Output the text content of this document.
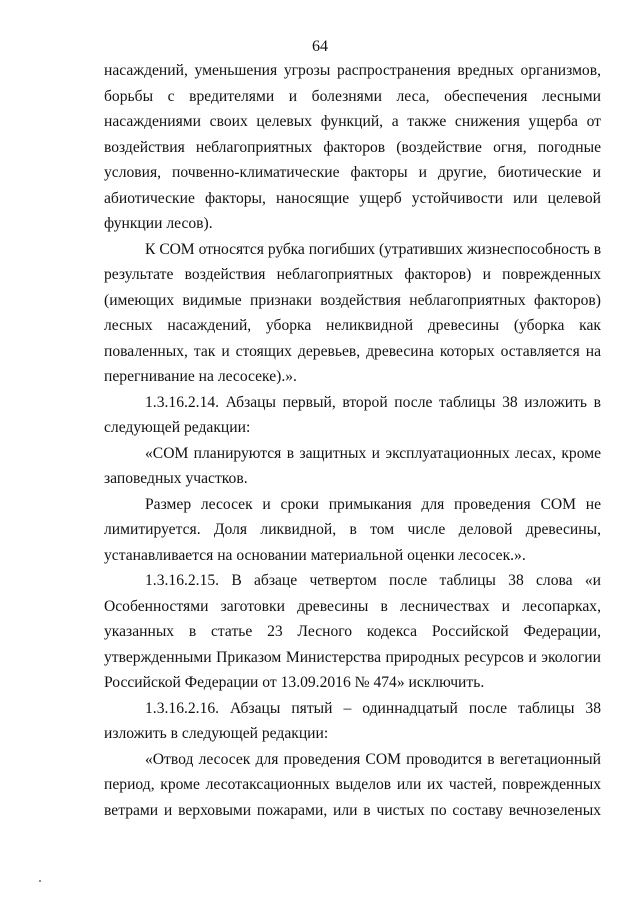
64

насаждений, уменьшения угрозы распространения вредных организмов,
борьбы с вредителями и болезнями леса, обеспечения лесными
насаждениями своих целевых функций, а также снижения ущерба от
воздействия неблагоприятных факторов (воздействие огня, погодные
условия, почвенно-климатические факторы и другие, биотические и
абиотические факторы, наносящие ущерб устойчивости или целевой
функции лесов).

К СОМ относятся рубка погибших (утративших жизнеспособность в
результате воздействия неблагоприятных факторов) и поврежденных
(имеющих видимые признаки воздействия неблагоприятных факторов)
лесных насаждений, уборка неликвидной древесины (уборка как
поваленных, так и стоящих деревьев, древесина которых оставляется на
перегнивание на лесосеке).».

1.3.16.2.14. Абзацы первый, второй после таблицы 38 изложить в
следующей редакции:

«СОМ планируются в защитных и эксплуатационных лесах, кроме
заповедных участков.

Размер лесосек и сроки примыкания для проведения СОМ не
лимитируется. Доля ликвидной, в том числе деловой древесины,
устанавливается на основании материальной оценки лесосек.».

1.3.16.2.15. В абзаце четвертом после таблицы 38 слова «и
Особенностями заготовки древесины в лесничествах и лесопарках,
указанных в статье 23 Лесного кодекса Российской Федерации,
утвержденными Приказом Министерства природных ресурсов и экологии
Российской Федерации от 13.09.2016 № 474» исключить.

1.3.16.2.16. Абзацы пятый – одиннадцатый после таблицы 38
изложить в следующей редакции:

«Отвод лесосек для проведения СОМ проводится в вегетационный
период, кроме лесотаксационных выделов или их частей, поврежденных
ветрами и верховыми пожарами, или в чистых по составу вечнозеленых
